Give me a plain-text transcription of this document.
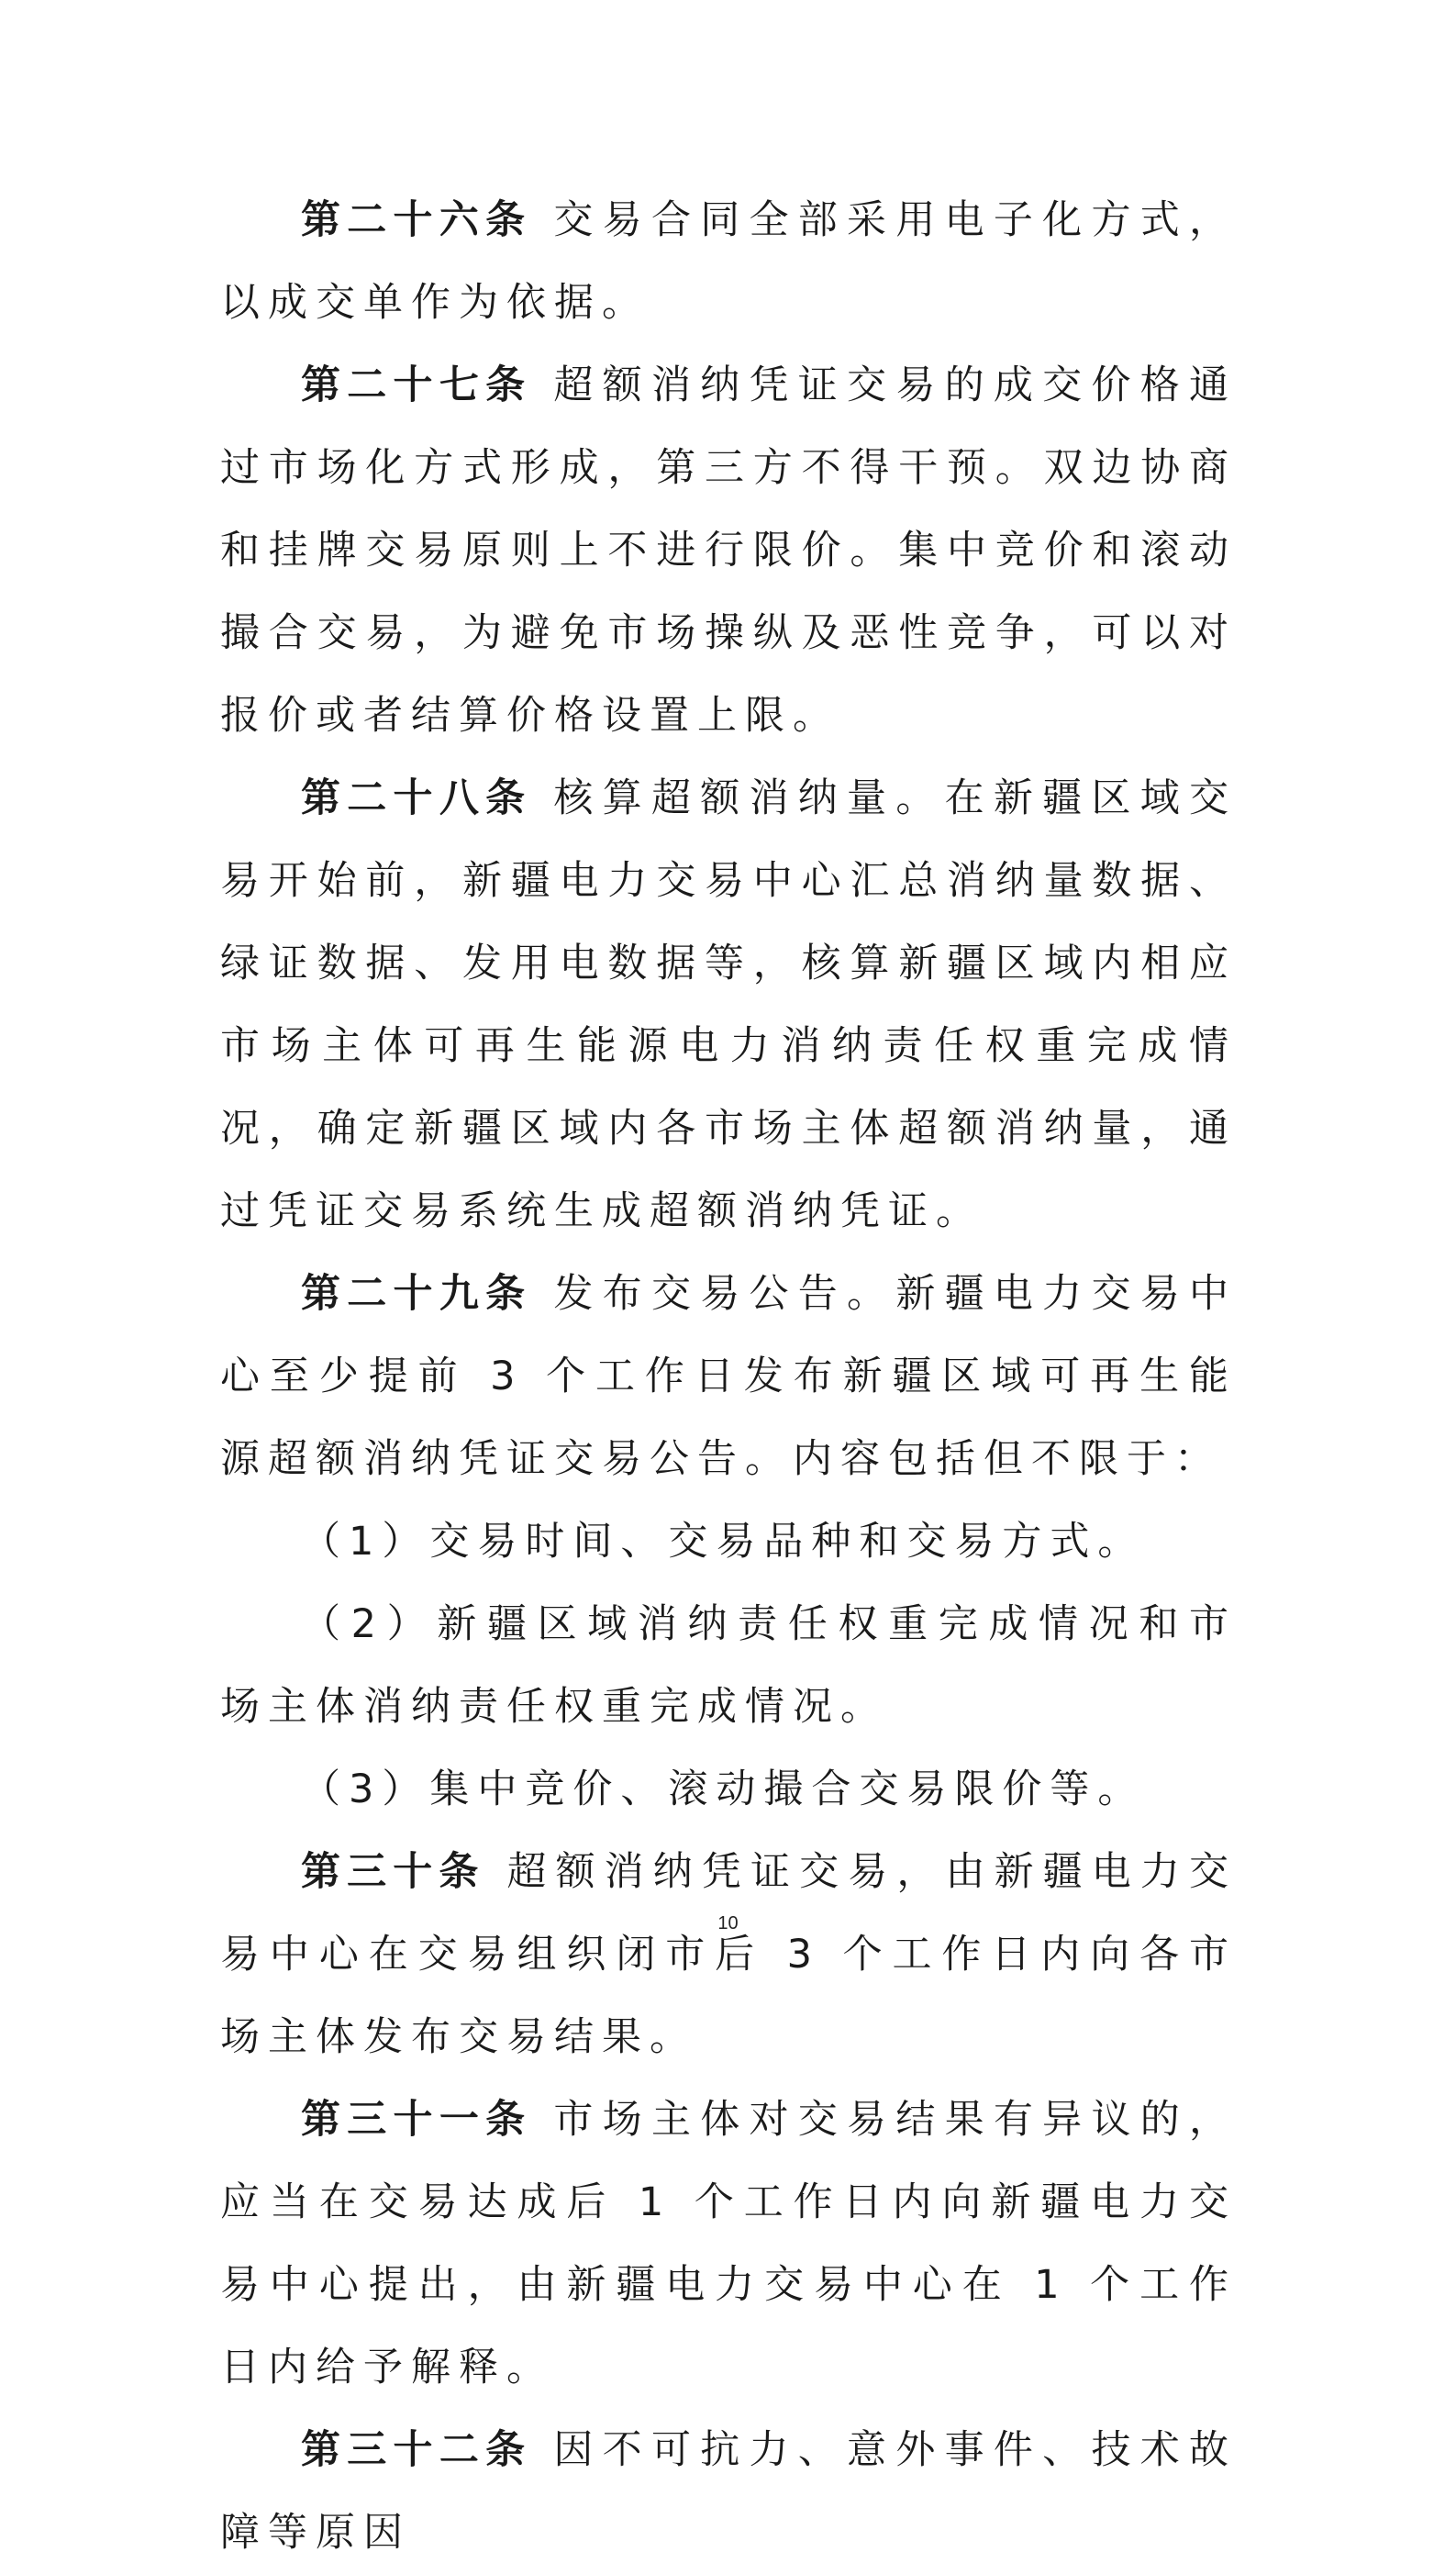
第二十六条 交易合同全部采用电子化方式，以成交单作为依据。

第二十七条 超额消纳凭证交易的成交价格通过市场化方式形成，第三方不得干预。双边协商和挂牌交易原则上不进行限价。集中竞价和滚动撮合交易，为避免市场操纵及恶性竞争，可以对报价或者结算价格设置上限。

第二十八条 核算超额消纳量。在新疆区域交易开始前，新疆电力交易中心汇总消纳量数据、绿证数据、发用电数据等，核算新疆区域内相应市场主体可再生能源电力消纳责任权重完成情况，确定新疆区域内各市场主体超额消纳量，通过凭证交易系统生成超额消纳凭证。

第二十九条 发布交易公告。新疆电力交易中心至少提前 3 个工作日发布新疆区域可再生能源超额消纳凭证交易公告。内容包括但不限于：

（1）交易时间、交易品种和交易方式。

（2）新疆区域消纳责任权重完成情况和市场主体消纳责任权重完成情况。

（3）集中竞价、滚动撮合交易限价等。

第三十条 超额消纳凭证交易，由新疆电力交易中心在交易组织闭市后 3 个工作日内向各市场主体发布交易结果。

第三十一条 市场主体对交易结果有异议的，应当在交易达成后 1 个工作日内向新疆电力交易中心提出，由新疆电力交易中心在 1 个工作日内给予解释。

第三十二条 因不可抗力、意外事件、技术故障等原因

10
